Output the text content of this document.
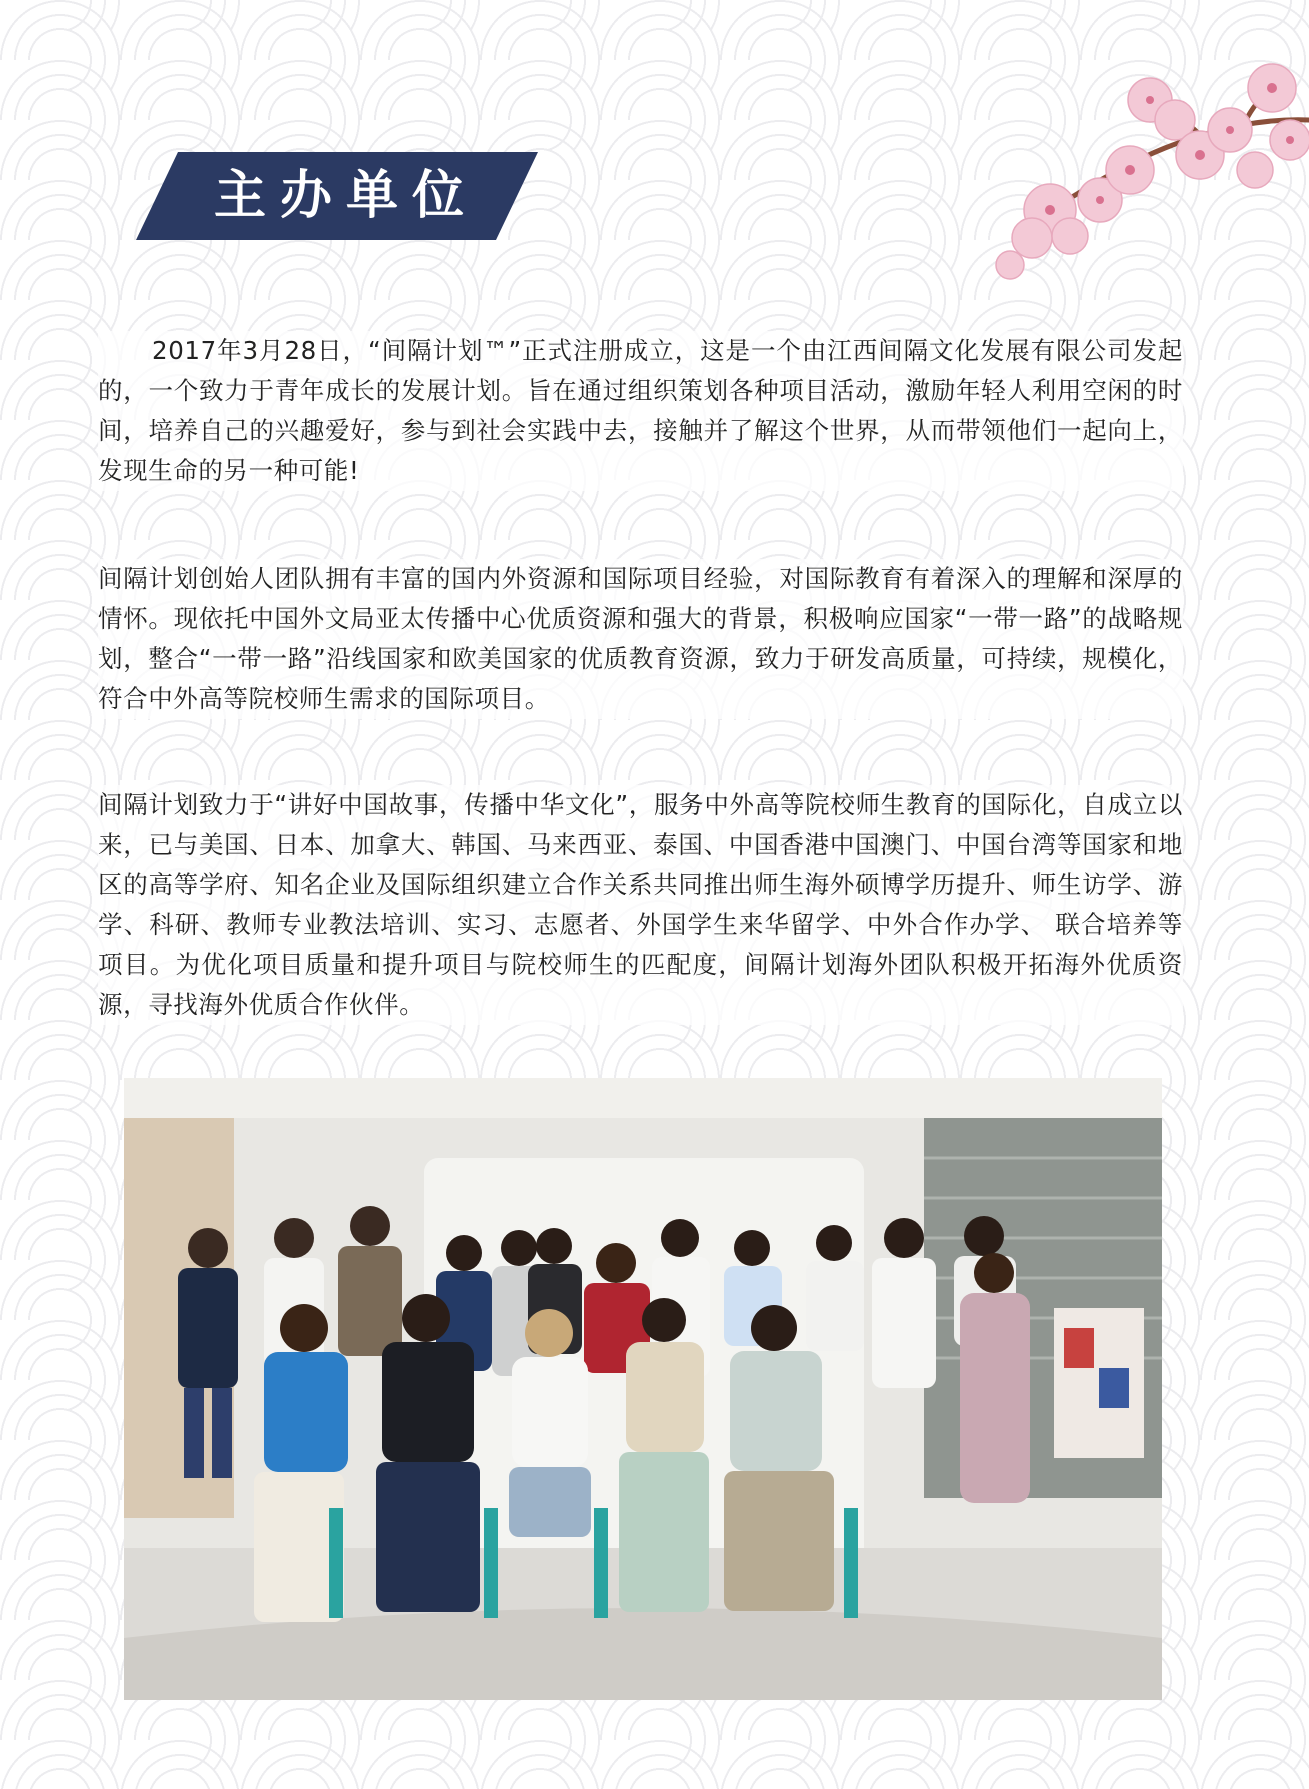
主办单位

2017年3月28日，“间隔计划™”正式注册成立，这是一个由江西间隔文化发展有限公司发起的，一个致力于青年成长的发展计划。旨在通过组织策划各种项目活动，激励年轻人利用空闲的时间，培养自己的兴趣爱好，参与到社会实践中去，接触并了解这个世界，从而带领他们一起向上，发现生命的另一种可能!

间隔计划创始人团队拥有丰富的国内外资源和国际项目经验，对国际教育有着深入的理解和深厚的情怀。现依托中国外文局亚太传播中心优质资源和强大的背景，积极响应国家“一带一路”的战略规划，整合“一带一路”沿线国家和欧美国家的优质教育资源，致力于研发高质量，可持续，规模化，符合中外高等院校师生需求的国际项目。

间隔计划致力于“讲好中国故事，传播中华文化”，服务中外高等院校师生教育的国际化，自成立以来，已与美国、日本、加拿大、韩国、马来西亚、泰国、中国香港中国澳门、中国台湾等国家和地区的高等学府、知名企业及国际组织建立合作关系共同推出师生海外硕博学历提升、师生访学、游学、科研、教师专业教法培训、实习、志愿者、外国学生来华留学、中外合作办学、 联合培养等项目。为优化项目质量和提升项目与院校师生的匹配度，间隔计划海外团队积极开拓海外优质资源，寻找海外优质合作伙伴。
